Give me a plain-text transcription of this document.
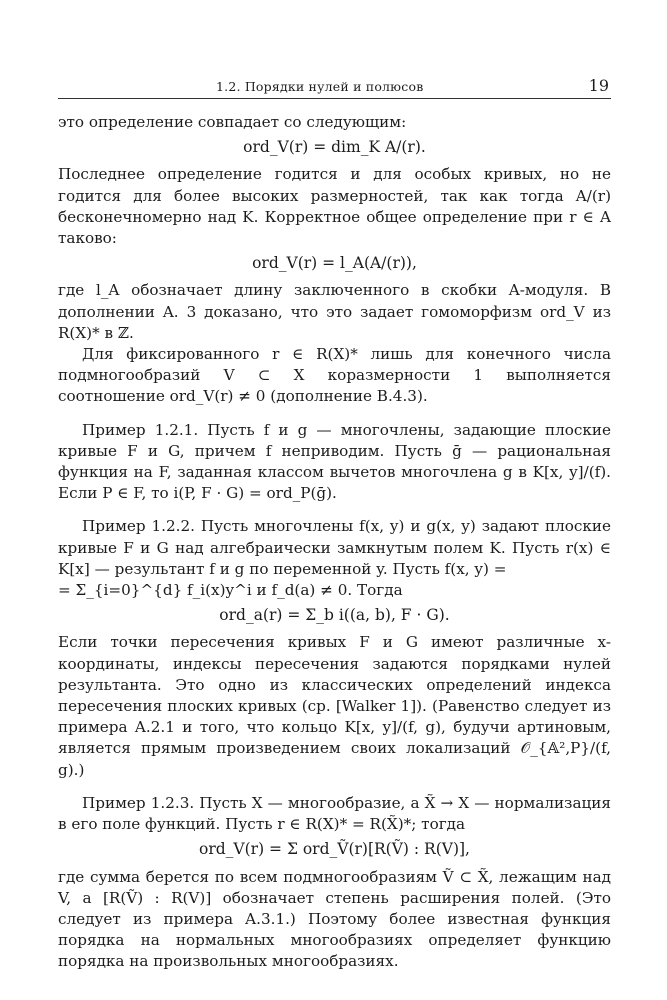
1.2. Порядки нулей и полюсов	19

это определение совпадает со следующим:

ord_V(r) = dim_K A/(r).

Последнее определение годится и для особых кривых, но не годится для более высоких размерностей, так как тогда A/(r) бесконечномерно над K. Корректное общее определение при r ∈ A таково:

ord_V(r) = l_A(A/(r)),

где l_A обозначает длину заключенного в скобки A-модуля. В дополнении A. 3 доказано, что это задает гомоморфизм ord_V из R(X)* в ℤ.

Для фиксированного r ∈ R(X)* лишь для конечного числа подмногообразий V ⊂ X коразмерности 1 выполняется соотношение ord_V(r) ≠ 0 (дополнение B.4.3).

Пример 1.2.1. Пусть f и g — многочлены, задающие плоские кривые F и G, причем f неприводим. Пусть ḡ — рациональная функция на F, заданная классом вычетов многочлена g в K[x, y]/(f). Если P ∈ F, то i(P, F · G) = ord_P(ḡ).

Пример 1.2.2. Пусть многочлены f(x, y) и g(x, y) задают плоские кривые F и G над алгебраически замкнутым полем K. Пусть r(x) ∈ K[x] — результант f и g по переменной y. Пусть f(x, y) =

= Σ_{i=0}^{d} f_i(x)y^i и f_d(a) ≠ 0. Тогда

ord_a(r) = Σ_b i((a, b), F · G).

Если точки пересечения кривых F и G имеют различные x-координаты, индексы пересечения задаются порядками нулей результанта. Это одно из классических определений индекса пересечения плоских кривых (ср. [Walker 1]). (Равенство следует из примера A.2.1 и того, что кольцо K[x, y]/(f, g), будучи артиновым, является прямым произведением своих локализаций 𝒪_{𝔸²,P}/(f, g).)

Пример 1.2.3. Пусть X — многообразие, а X̃ → X — нормализация в его поле функций. Пусть r ∈ R(X)* = R(X̃)*; тогда

ord_V(r) = Σ ord_Ṽ(r)[R(Ṽ) : R(V)],

где сумма берется по всем подмногообразиям Ṽ ⊂ X̃, лежащим над V, а [R(Ṽ) : R(V)] обозначает степень расширения полей. (Это следует из примера A.3.1.) Поэтому более известная функция порядка на нормальных многообразиях определяет функцию порядка на произвольных многообразиях.
